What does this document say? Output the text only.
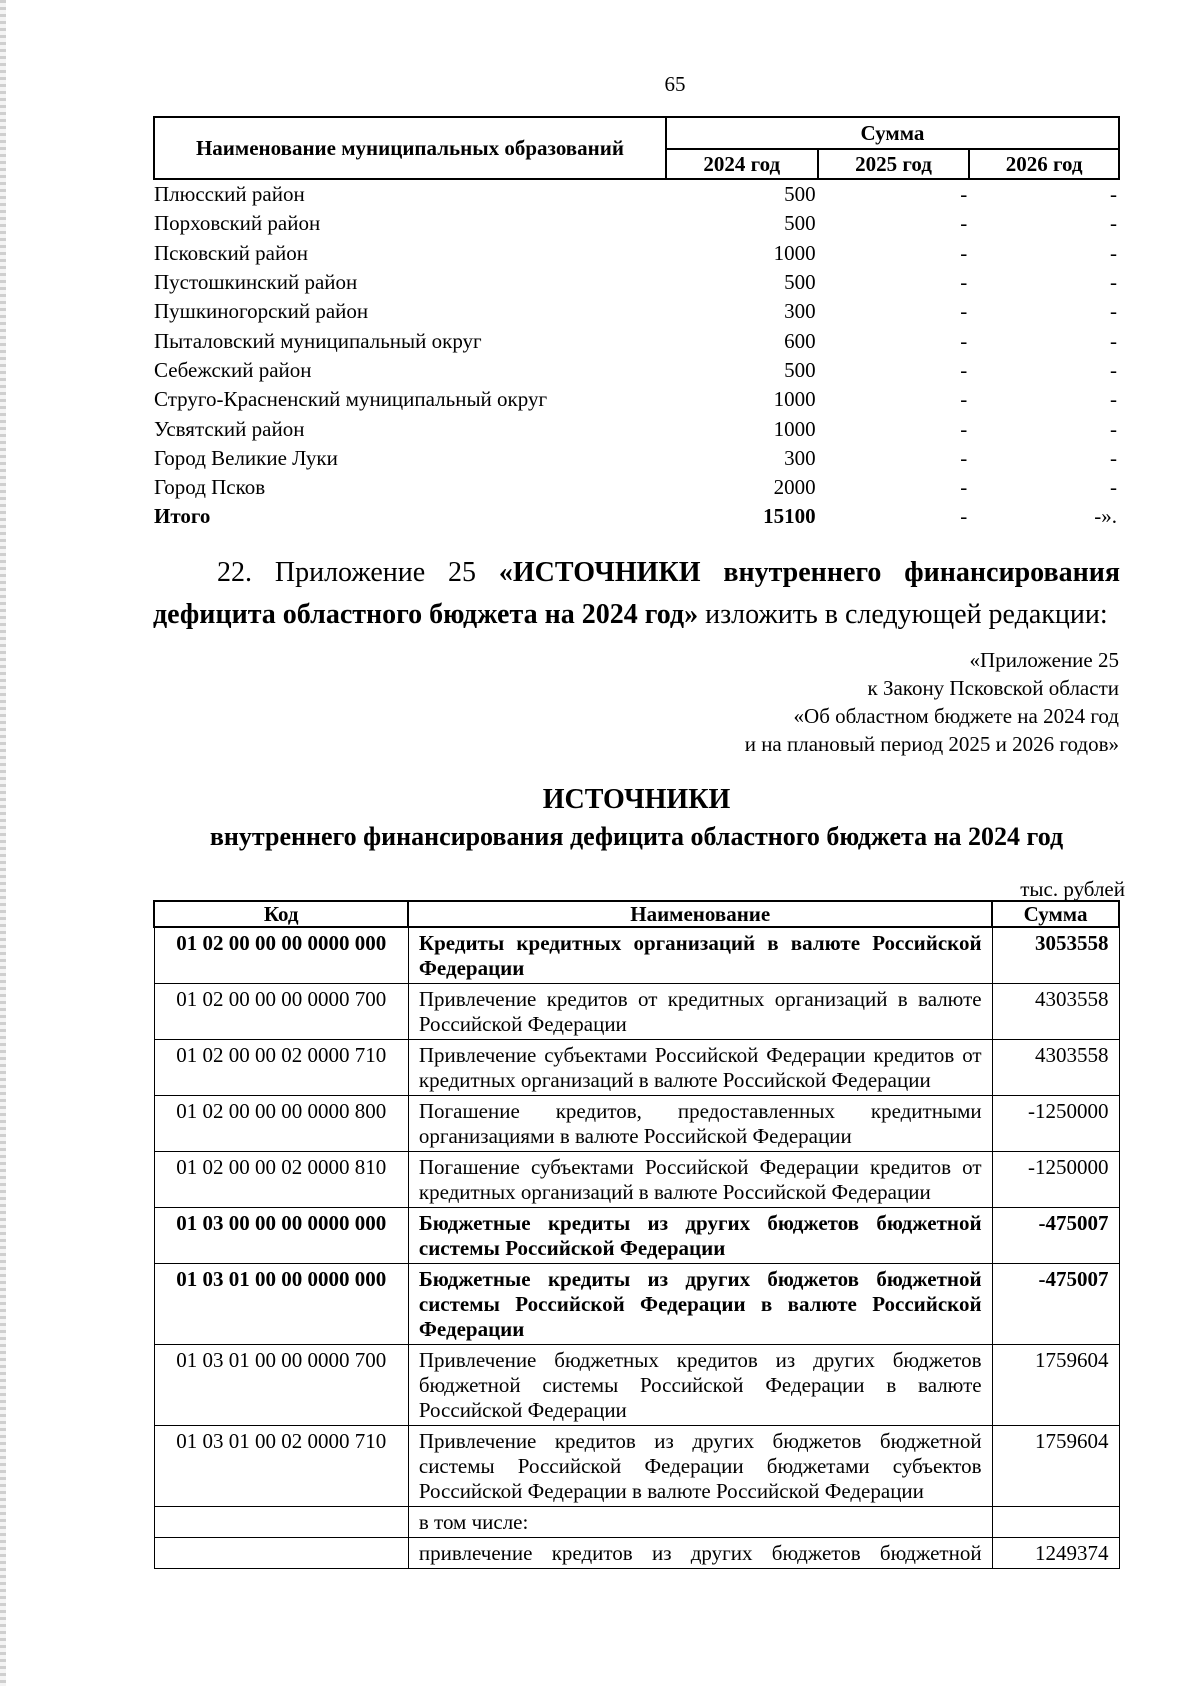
65
Наименование муниципальных образований	Сумма		
	2024 год	2025 год	2026 год
Плюсский район	500	-	-
Порховский район	500	-	-
Псковский район	1000	-	-
Пустошкинский район	500	-	-
Пушкиногорский район	300	-	-
Пыталовский муниципальный округ	600	-	-
Себежский район	500	-	-
Струго-Красненский муниципальный округ	1000	-	-
Усвятский район	1000	-	-
Город Великие Луки	300	-	-
Город Псков	2000	-	-
Итого	15100	-	-».
22. Приложение 25 «ИСТОЧНИКИ внутреннего финансирования дефицита областного бюджета на 2024 год» изложить в следующей редакции:
«Приложение 25
к Закону Псковской области
«Об областном бюджете на 2024 год
и на плановый период 2025 и 2026 годов»
ИСТОЧНИКИ
внутреннего финансирования дефицита областного бюджета на 2024 год
тыс. рублей
Код	Наименование	Сумма
01 02 00 00 00 0000 000	Кредиты кредитных организаций в валюте Российской Федерации	3053558
01 02 00 00 00 0000 700	Привлечение кредитов от кредитных организаций в валюте Российской Федерации	4303558
01 02 00 00 02 0000 710	Привлечение субъектами Российской Федерации кредитов от кредитных организаций в валюте Российской Федерации	4303558
01 02 00 00 00 0000 800	Погашение кредитов, предоставленных кредитными организациями в валюте Российской Федерации	-1250000
01 02 00 00 02 0000 810	Погашение субъектами Российской Федерации кредитов от кредитных организаций в валюте Российской Федерации	-1250000
01 03 00 00 00 0000 000	Бюджетные кредиты из других бюджетов бюджетной системы Российской Федерации	-475007
01 03 01 00 00 0000 000	Бюджетные кредиты из других бюджетов бюджетной системы Российской Федерации в валюте Российской Федерации	-475007
01 03 01 00 00 0000 700	Привлечение бюджетных кредитов из других бюджетов бюджетной системы Российской Федерации в валюте Российской Федерации	1759604
01 03 01 00 02 0000 710	Привлечение кредитов из других бюджетов бюджетной системы Российской Федерации бюджетами субъектов Российской Федерации в валюте Российской Федерации	1759604
	в том числе:	
	привлечение кредитов из других бюджетов бюджетной	1249374
